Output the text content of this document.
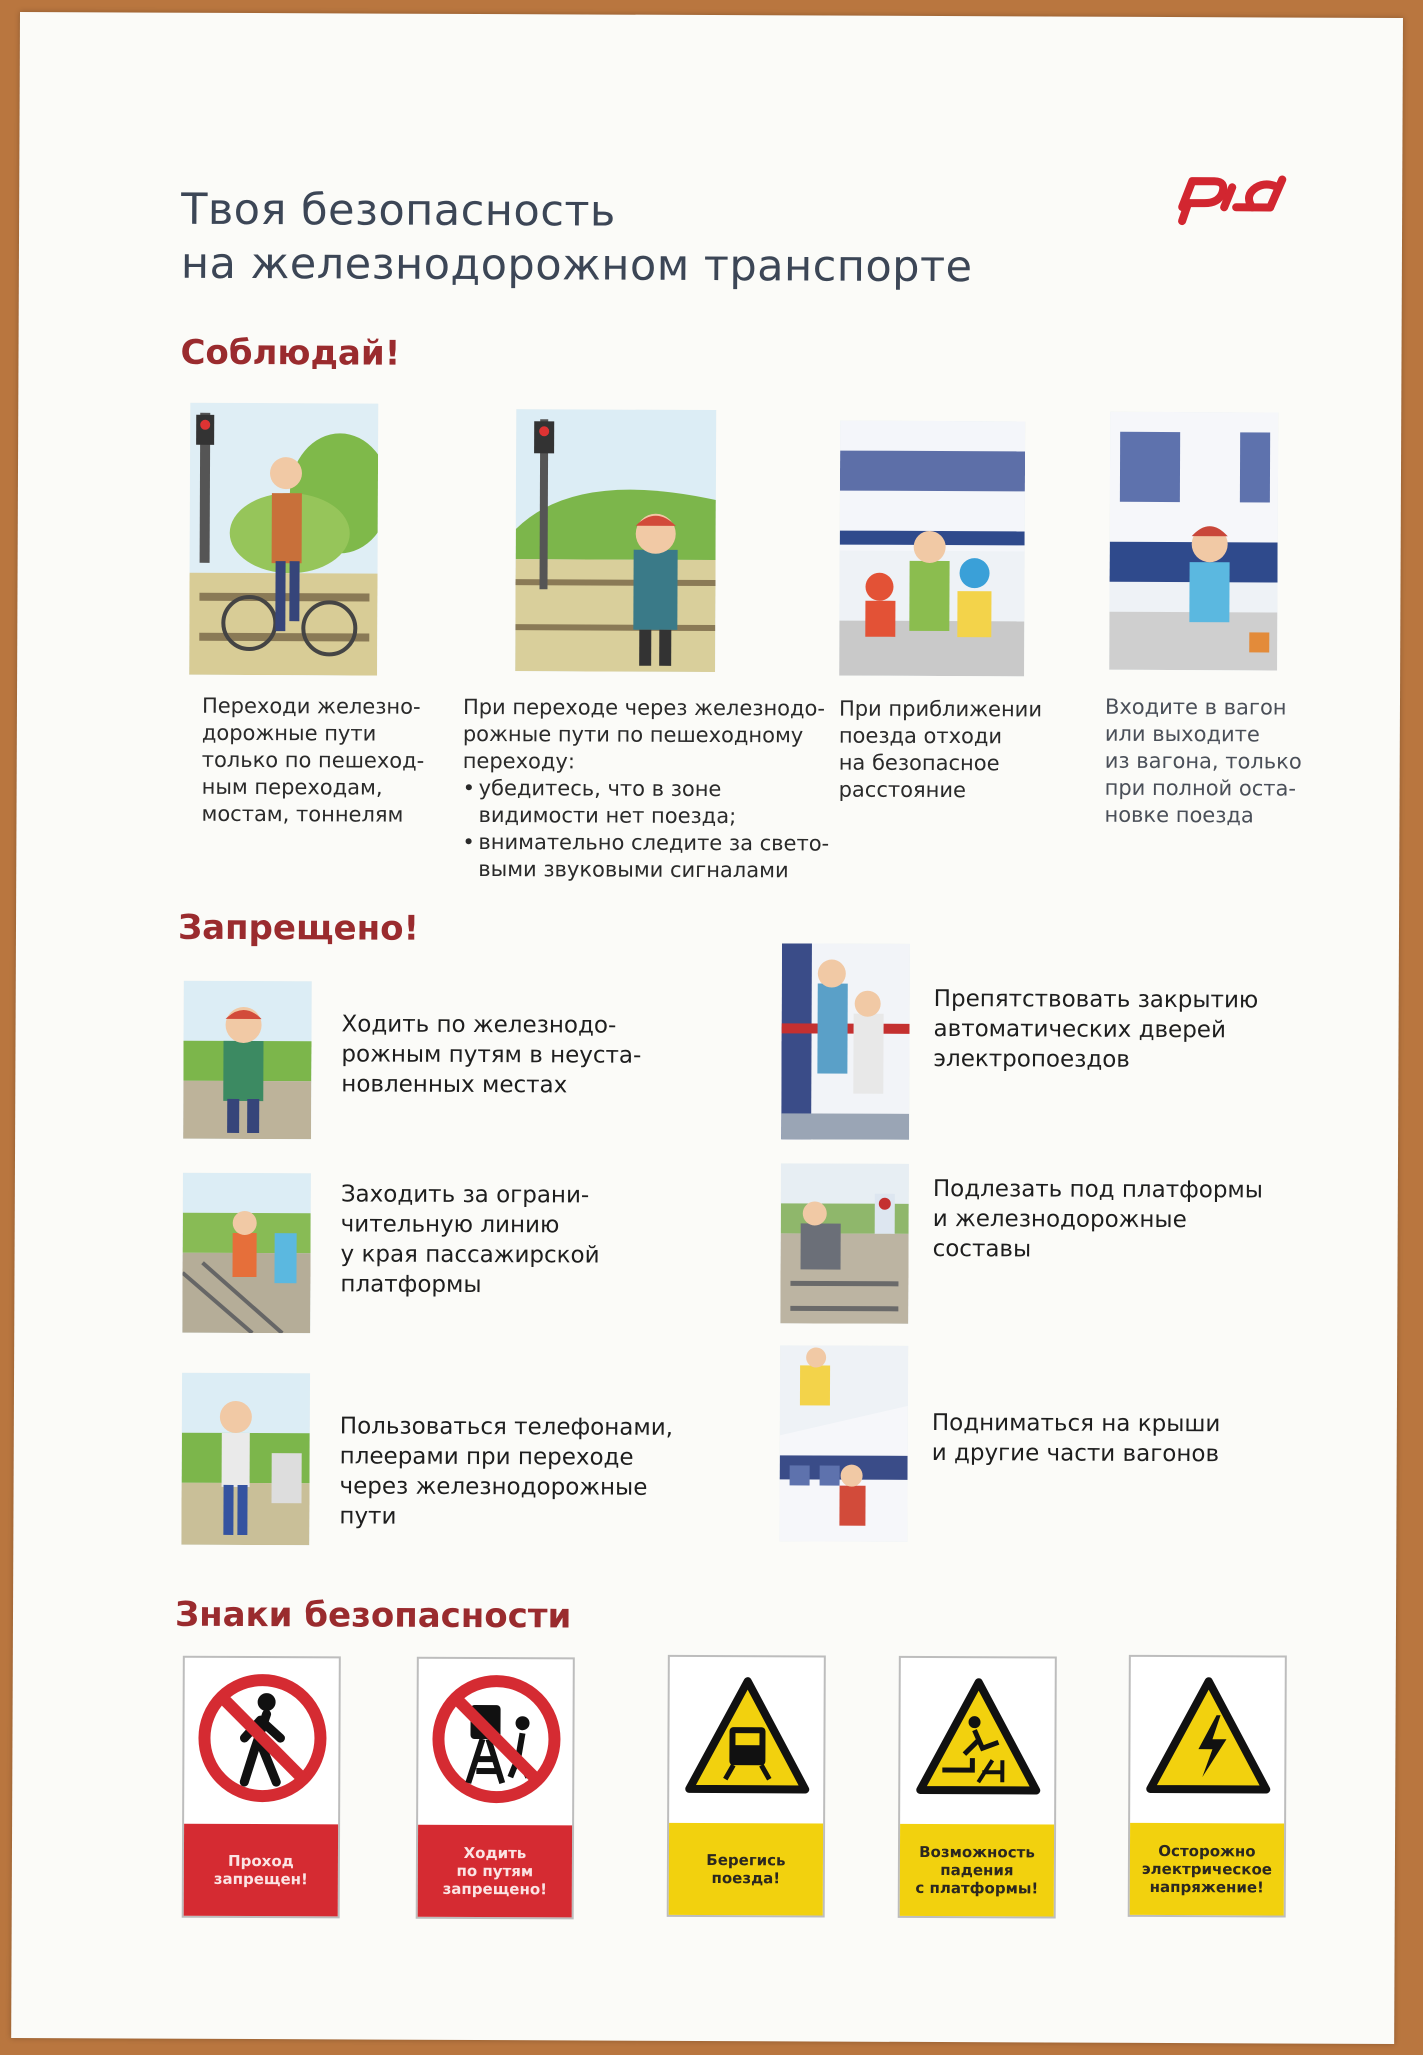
Твоя безопасность
на железнодорожном транспорте
Соблюдай!
Переходи железно-
дорожные пути
только по пешеход-
ным переходам,
мостам, тоннелям
При переходе через железнодо-
рожные пути по пешеходному
переходу:
• убедитесь, что в зоне
видимости нет поезда;
• внимательно следите за свето-
выми звуковыми сигналами
При приближении
поезда отходи
на безопасное
расстояние
Входите в вагон
или выходите
из вагона, только
при полной оста-
новке поезда
Запрещено!
Ходить по железнодо-
рожным путям в неуста-
новленных местах
Заходить за ограни-
чительную линию
у края пассажирской
платформы
Пользоваться телефонами,
плеерами при переходе
через железнодорожные
пути
Препятствовать закрытию
автоматических дверей
электропоездов
Подлезать под платформы
и железнодорожные
составы
Подниматься на крыши
и другие части вагонов
Знаки безопасности
Проход
запрещен!
Ходить
по путям
запрещено!
Берегись
поезда!
Возможность
падения
с платформы!
Осторожно
электрическое
напряжение!
